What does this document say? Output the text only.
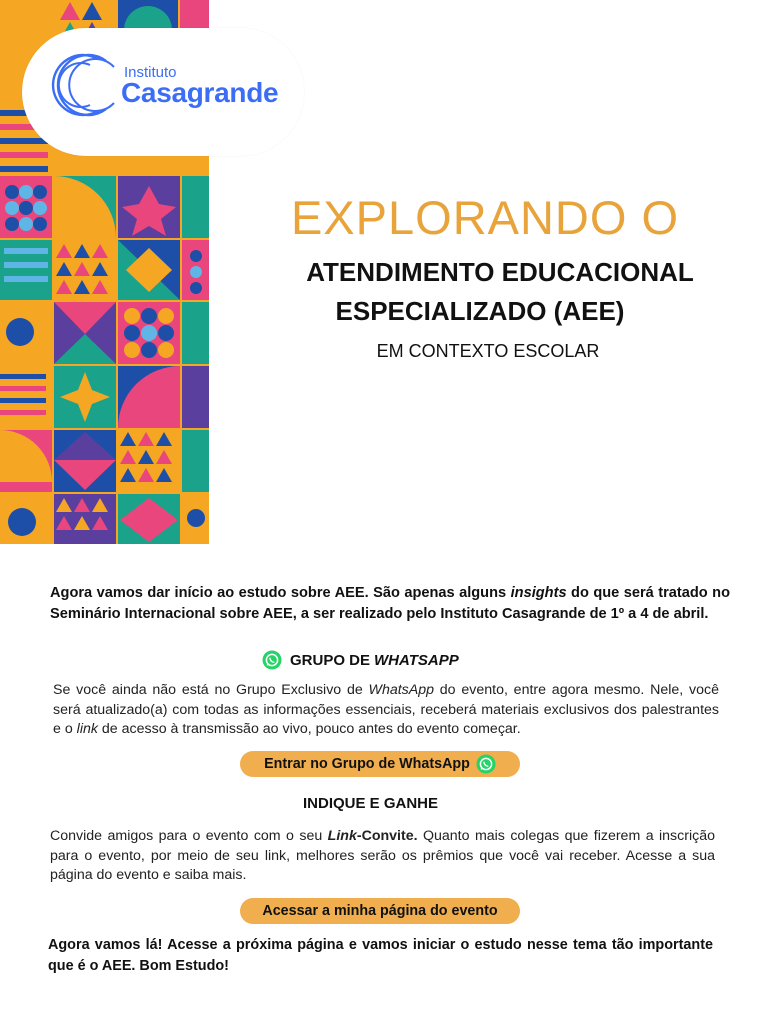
Instituto
Casagrande
EXPLORANDO O
ATENDIMENTO EDUCACIONAL
ESPECIALIZADO (AEE)
EM CONTEXTO ESCOLAR
Agora vamos dar início ao estudo sobre AEE. São apenas alguns insights do que será tratado no Seminário Internacional sobre AEE, a ser realizado pelo Instituto Casagrande de 1º a 4 de abril.
GRUPO DE WHATSAPP
Se você ainda não está no Grupo Exclusivo de WhatsApp do evento, entre agora mesmo. Nele, você será atualizado(a) com todas as informações essenciais, receberá materiais exclusivos dos palestrantes e o link de acesso à transmissão ao vivo, pouco antes do evento começar.
Entrar no Grupo de WhatsApp
INDIQUE E GANHE
Convide amigos para o evento com o seu Link-Convite. Quanto mais colegas que fizerem a inscrição para o evento, por meio de seu link, melhores serão os prêmios que você vai receber. Acesse a sua página do evento e saiba mais.
Acessar a minha página do evento
Agora vamos lá! Acesse a próxima página e vamos iniciar o estudo nesse tema tão importante que é o AEE. Bom Estudo!
